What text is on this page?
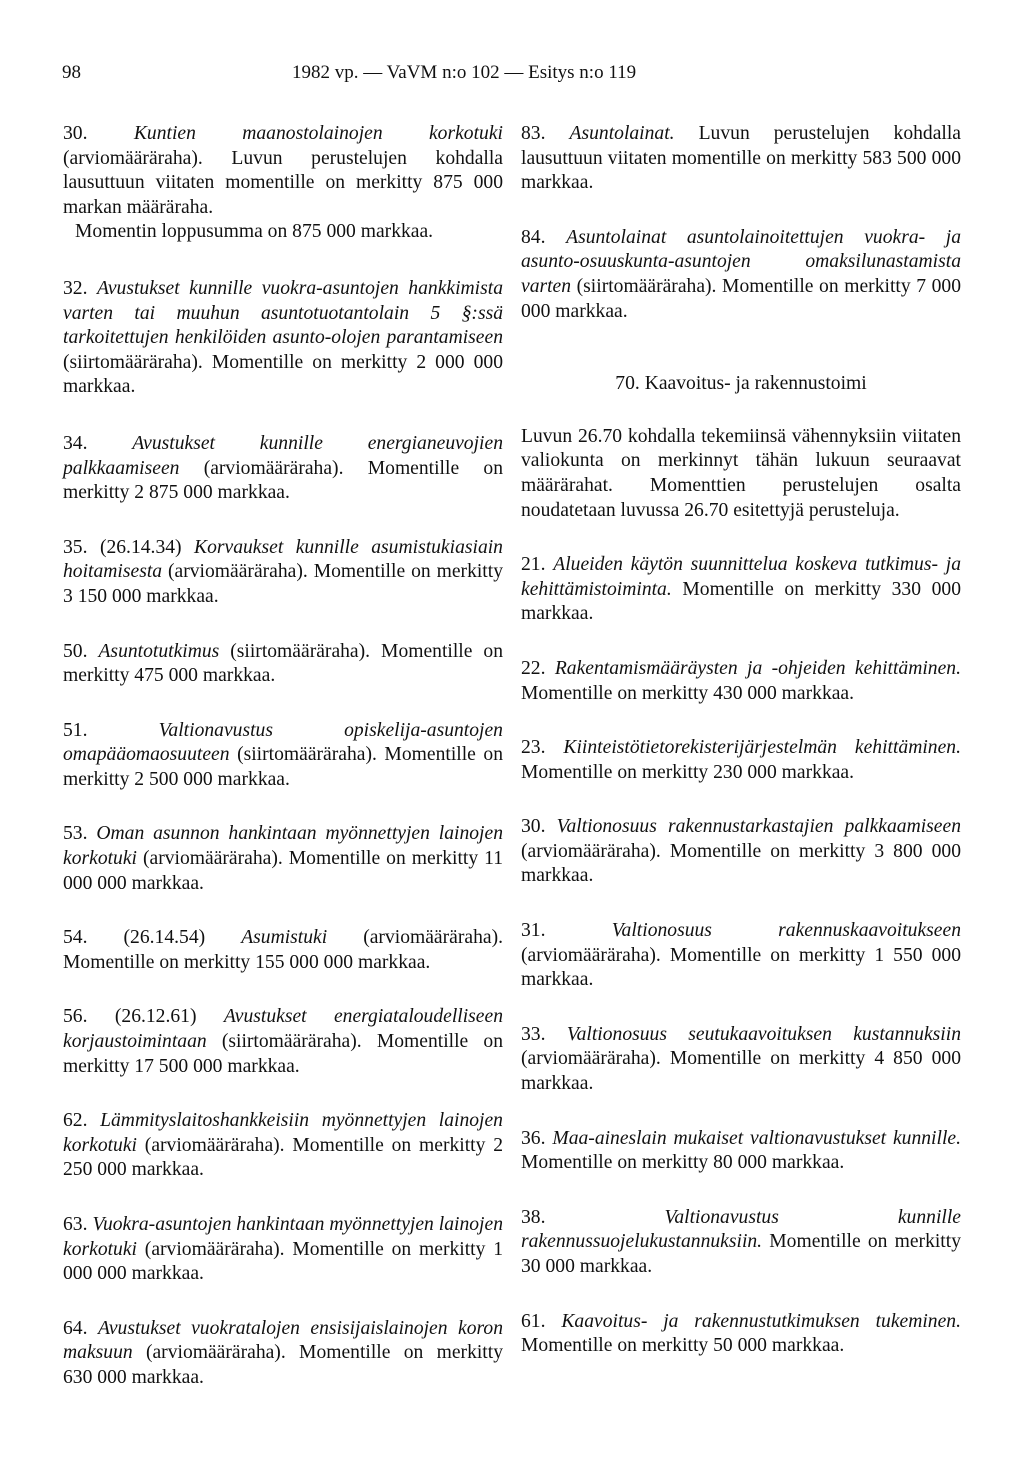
98	1982 vp. — VaVM n:o 102 — Esitys n:o 119

30. Kuntien maanostolainojen korkotuki (arviomääräraha). Luvun perustelujen kohdalla lausuttuun viitaten momentille on merkitty 875 000 markan määräraha.
Momentin loppusumma on 875 000 markkaa.

32. Avustukset kunnille vuokra-asuntojen hankkimista varten tai muuhun asuntotuotantolain 5 §:ssä tarkoitettujen henkilöiden asunto-olojen parantamiseen (siirtomääräraha). Momentille on merkitty 2 000 000 markkaa.

34. Avustukset kunnille energianeuvojien palkkaamiseen (arviomääräraha). Momentille on merkitty 2 875 000 markkaa.

35. (26.14.34) Korvaukset kunnille asumistukiasiain hoitamisesta (arviomääräraha). Momentille on merkitty 3 150 000 markkaa.

50. Asuntotutkimus (siirtomääräraha). Momentille on merkitty 475 000 markkaa.

51.	Valtionavustus opiskelija-asuntojen omapääomaosuuteen (siirtomääräraha). Momentille on merkitty 2 500 000 markkaa.

53. Oman asunnon hankintaan myönnettyjen lainojen korkotuki (arviomääräraha). Momentille on merkitty 11 000 000 markkaa.

54. (26.14.54) Asumistuki (arviomääräraha). Momentille on merkitty 155 000 000 markkaa.

56. (26.12.61) Avustukset energiataloudelliseen korjaustoimintaan (siirtomääräraha). Momentille on merkitty 17 500 000 markkaa.

62. Lämmityslaitoshankkeisiin myönnettyjen lainojen korkotuki (arviomääräraha). Momentille on merkitty 2 250 000 markkaa.

63. Vuokra-asuntojen hankintaan myönnettyjen lainojen korkotuki (arviomääräraha). Momentille on merkitty 1 000 000 markkaa.

64. Avustukset vuokratalojen ensisijaislainojen koron maksuun (arviomääräraha). Momentille on merkitty 630 000 markkaa.

83. Asuntolainat. Luvun perustelujen kohdalla lausuttuun viitaten momentille on merkitty 583 500 000 markkaa.

84. Asuntolainat asuntolainoitettujen vuokra- ja asunto-osuuskunta-asuntojen omaksilunastamista varten (siirtomääräraha). Momentille on merkitty 7 000 000 markkaa.

70. Kaavoitus- ja rakennustoimi

Luvun 26.70 kohdalla tekemiinsä vähennyksiin viitaten valiokunta on merkinnyt tähän lukuun seuraavat määrärahat. Momenttien perustelujen osalta noudatetaan luvussa 26.70 esitettyjä perusteluja.

21. Alueiden käytön suunnittelua koskeva tutkimus- ja kehittämistoiminta. Momentille on merkitty 330 000 markkaa.

22. Rakentamismääräysten ja -ohjeiden kehittäminen. Momentille on merkitty 430 000 markkaa.

23. Kiinteistötietorekisterijärjestelmän kehittäminen. Momentille on merkitty 230 000 markkaa.

30. Valtionosuus rakennustarkastajien palkkaamiseen (arviomääräraha). Momentille on merkitty 3 800 000 markkaa.

31.	Valtionosuus rakennuskaavoitukseen (arviomääräraha). Momentille on merkitty 1 550 000 markkaa.

33. Valtionosuus seutukaavoituksen kustannuksiin (arviomääräraha). Momentille on merkitty 4 850 000 markkaa.

36. Maa-aineslain mukaiset valtionavustukset kunnille. Momentille on merkitty 80 000 markkaa.

38.	Valtionavustus kunnille rakennussuojelukustannuksiin. Momentille on merkitty 30 000 markkaa.

61. Kaavoitus- ja rakennustutkimuksen tukeminen. Momentille on merkitty 50 000 markkaa.
